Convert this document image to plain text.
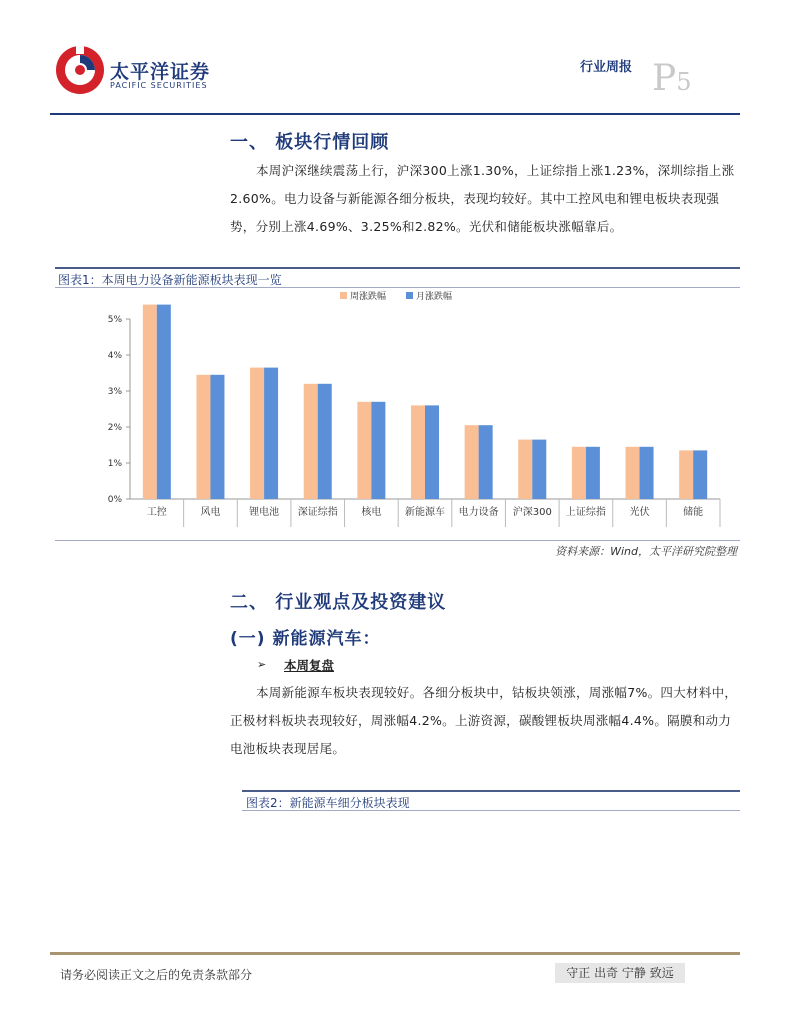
太平洋证券
PACIFIC SECURITIES
行业周报 P5
一、 板块行情回顾
本周沪深继续震荡上行，沪深300上涨1.30%，上证综指上涨1.23%，深圳综指上涨2.60%。电力设备与新能源各细分板块，表现均较好。其中工控风电和锂电板块表现强势，分别上涨4.69%、3.25%和2.82%。光伏和储能板块涨幅靠后。
图表1：本周电力设备新能源板块表现一览
0%
1%
2%
3%
4%
5%
周涨跌幅	月涨跌幅
工控	风电	锂电池 深证综指 核电 新能源车 电力设备 沪深300 上证综指 光伏	储能
资料来源：Wind，太平洋研究院整理
二、 行业观点及投资建议
(一) 新能源汽车：
➢ 本周复盘
本周新能源车板块表现较好。各细分板块中，钴板块领涨，周涨幅7%。四大材料中，正极材料板块表现较好，周涨幅4.2%。上游资源，碳酸锂板块周涨幅4.4%。隔膜和动力电池板块表现居尾。
图表2：新能源车细分板块表现
请务必阅读正文之后的免责条款部分	守正 出奇 宁静 致远
